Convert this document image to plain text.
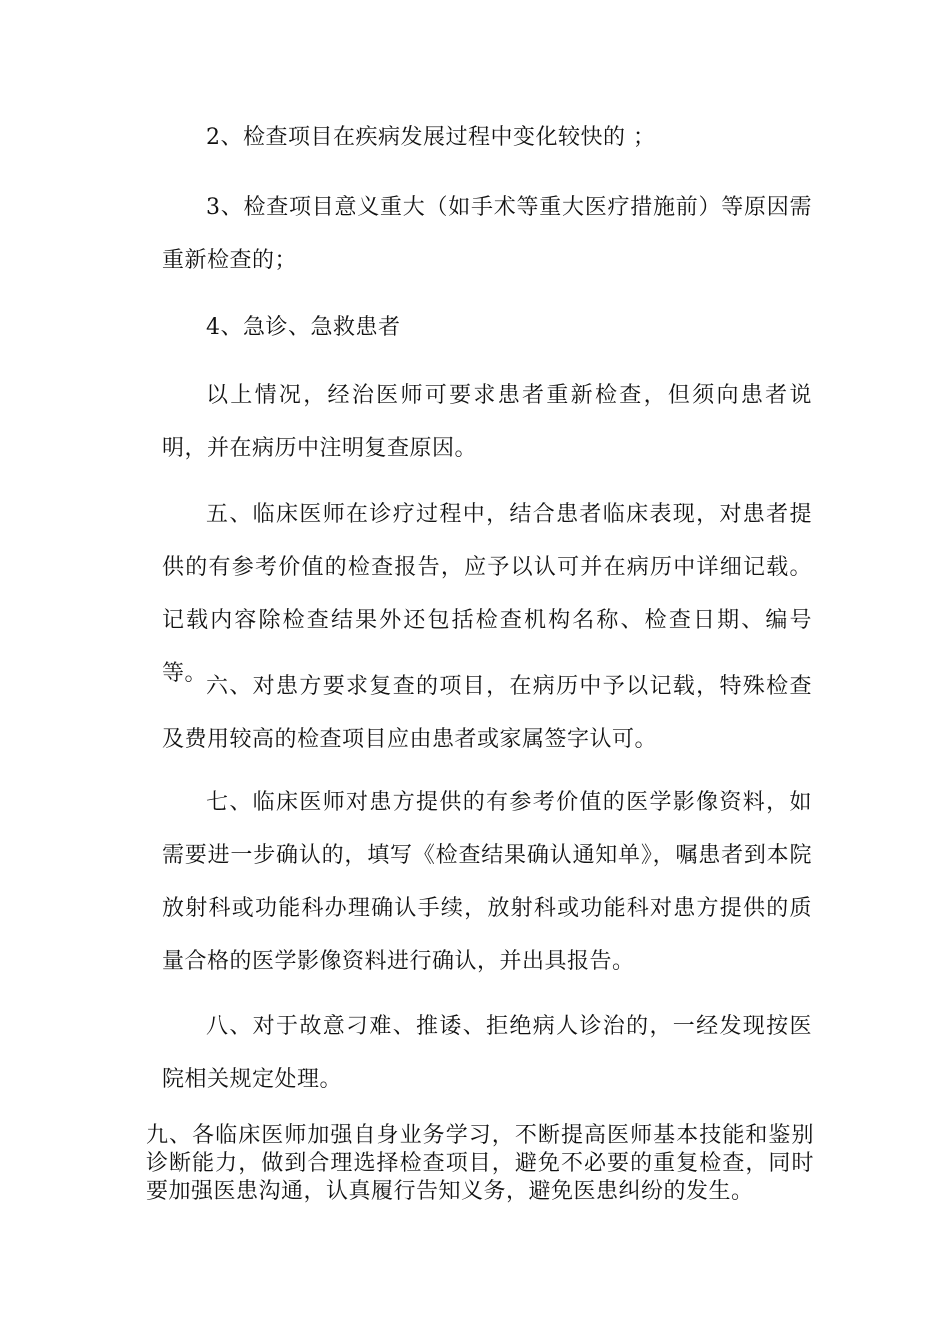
2、检查项目在疾病发展过程中变化较快的 ；

3、检查项目意义重大（如手术等重大医疗措施前）等原因需重新检查的；

4、急诊、急救患者

以上情况，经治医师可要求患者重新检查，但须向患者说明，并在病历中注明复查原因。

五、临床医师在诊疗过程中，结合患者临床表现，对患者提供的有参考价值的检查报告，应予以认可并在病历中详细记载。记载内容除检查结果外还包括检查机构名称、检查日期、编号等。

六、对患方要求复查的项目，在病历中予以记载，特殊检查及费用较高的检查项目应由患者或家属签字认可。

七、临床医师对患方提供的有参考价值的医学影像资料，如需要进一步确认的，填写《检查结果确认通知单》，嘱患者到本院放射科或功能科办理确认手续，放射科或功能科对患方提供的质量合格的医学影像资料进行确认，并出具报告。

八、对于故意刁难、推诿、拒绝病人诊治的，一经发现按医院相关规定处理。

九、各临床医师加强自身业务学习，不断提高医师基本技能和鉴别诊断能力，做到合理选择检查项目，避免不必要的重复检查，同时要加强医患沟通，认真履行告知义务，避免医患纠纷的发生。
